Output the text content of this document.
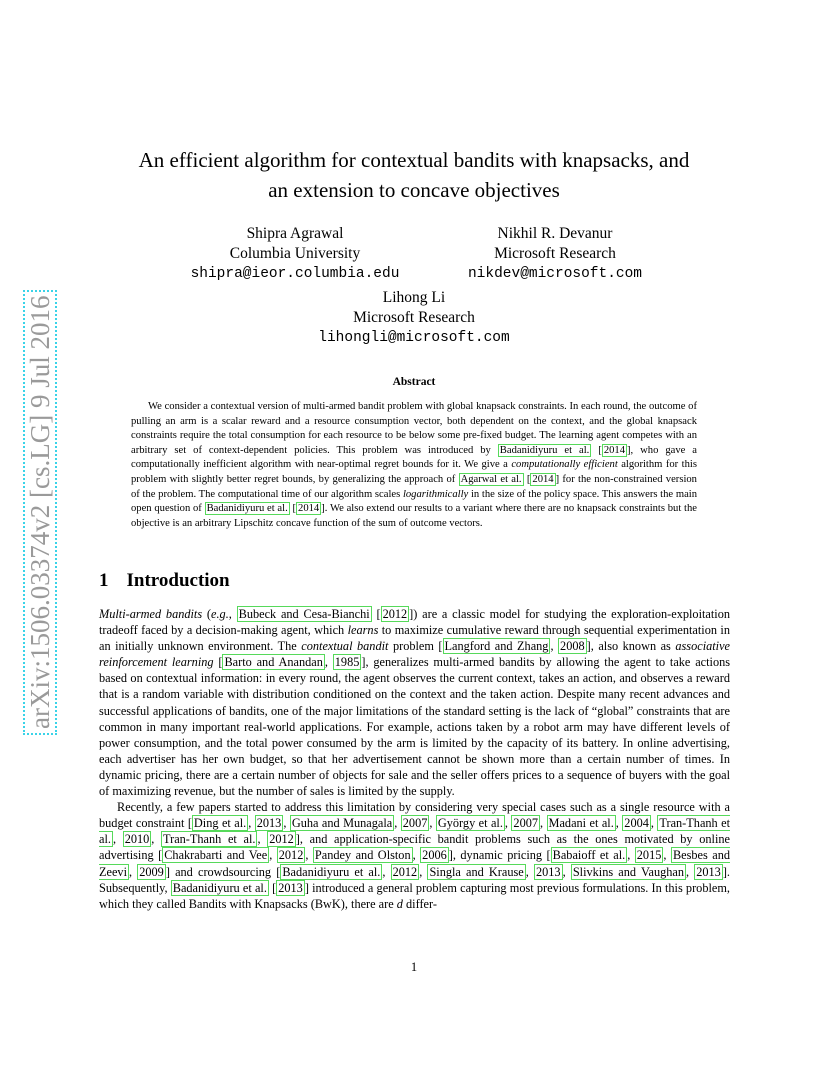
arXiv:1506.03374v2 [cs.LG] 9 Jul 2016
An efficient algorithm for contextual bandits with knapsacks, and
an extension to concave objectives
Shipra Agrawal
Columbia University
shipra@ieor.columbia.edu
Nikhil R. Devanur
Microsoft Research
nikdev@microsoft.com
Lihong Li
Microsoft Research
lihongli@microsoft.com
Abstract

We consider a contextual version of multi-armed bandit problem with global knapsack constraints. In each round, the outcome of pulling an arm is a scalar reward and a resource consumption vector, both dependent on the context, and the global knapsack constraints require the total consumption for each resource to be below some pre-fixed budget. The learning agent competes with an arbitrary set of context-dependent policies. This problem was introduced by Badanidiyuru et al. [ 2014 ], who gave a computationally inefficient algorithm with near-optimal regret bounds for it. We give a computationally efficient algorithm for this problem with slightly better regret bounds, by generalizing the approach of Agarwal et al. [ 2014 ] for the non-constrained version of the problem. The computational time of our algorithm scales logarithmically in the size of the policy space. This answers the main open question of Badanidiyuru et al. [ 2014 ]. We also extend our results to a variant where there are no knapsack constraints but the objective is an arbitrary Lipschitz concave function of the sum of outcome vectors.

1 Introduction

Multi-armed bandits (e.g., Bubeck and Cesa-Bianchi [ 2012 ]) are a classic model for studying the exploration-exploitation tradeoff faced by a decision-making agent, which learns to maximize cumulative reward through sequential experimentation in an initially unknown environment. The contextual bandit problem [ Langford and Zhang , 2008 ], also known as associative reinforcement learning [ Barto and Anandan , 1985 ], generalizes multi-armed bandits by allowing the agent to take actions based on contextual information: in every round, the agent observes the current context, takes an action, and observes a reward that is a random variable with distribution conditioned on the context and the taken action. Despite many recent advances and successful applications of bandits, one of the major limitations of the standard setting is the lack of “global” constraints that are common in many important real-world applications. For example, actions taken by a robot arm may have different levels of power consumption, and the total power consumed by the arm is limited by the capacity of its battery. In online advertising, each advertiser has her own budget, so that her advertisement cannot be shown more than a certain number of times. In dynamic pricing, there are a certain number of objects for sale and the seller offers prices to a sequence of buyers with the goal of maximizing revenue, but the number of sales is limited by the supply.

Recently, a few papers started to address this limitation by considering very special cases such as a single resource with a budget constraint [ Ding et al. , 2013 , Guha and Munagala , 2007 , György et al. , 2007 , Madani et al. , 2004 , Tran-Thanh et al. , 2010 , Tran-Thanh et al. , 2012 ], and application-specific bandit problems such as the ones motivated by online advertising [ Chakrabarti and Vee , 2012 , Pandey and Olston , 2006 ], dynamic pricing [ Babaioff et al. , 2015 , Besbes and Zeevi , 2009 ] and crowdsourcing [ Badanidiyuru et al. , 2012 , Singla and Krause , 2013 , Slivkins and Vaughan , 2013 ]. Subsequently, Badanidiyuru et al. [ 2013 ] introduced a general problem capturing most previous formulations. In this problem, which they called Bandits with Knapsacks (BwK), there are d differ-

1
